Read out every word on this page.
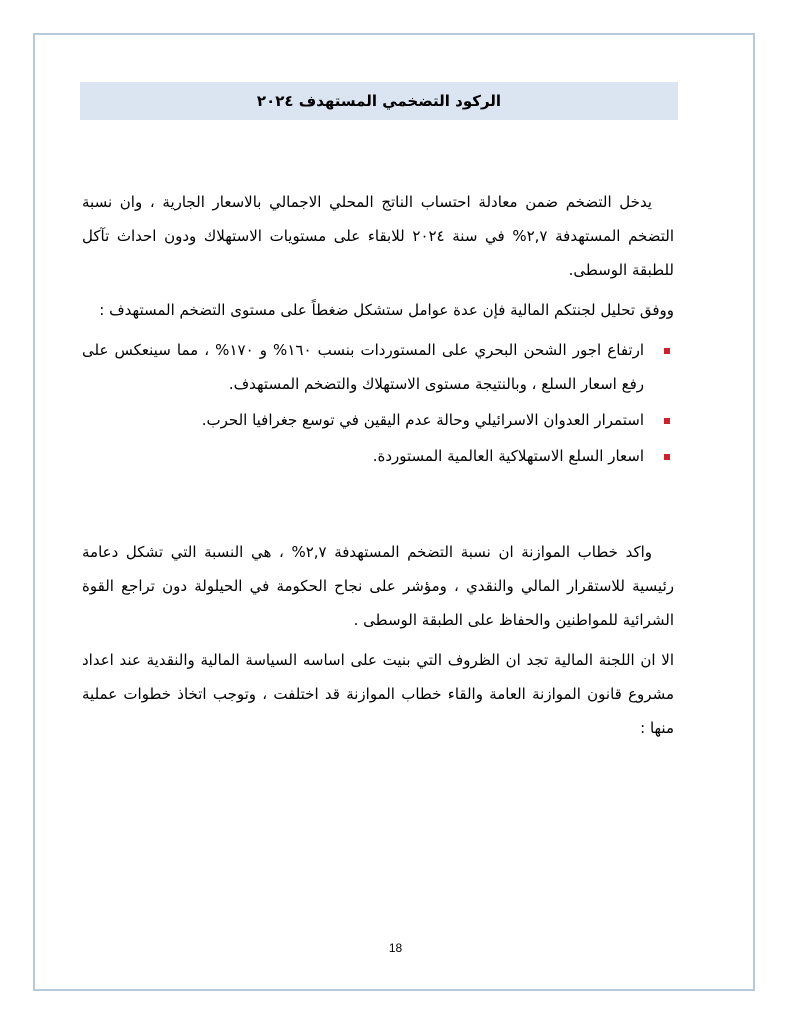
الركود التضخمي المستهدف ٢٠٢٤

يدخل التضخم ضمن معادلة احتساب الناتج المحلي الاجمالي بالاسعار الجارية ، وان نسبة التضخم المستهدفة ٢,٧% في سنة ٢٠٢٤ للابقاء على مستويات الاستهلاك ودون احداث تآكل للطبقة الوسطى.

ووفق تحليل لجنتكم المالية فإن عدة عوامل ستشكل ضغطاً على مستوى التضخم المستهدف :

ارتفاع اجور الشحن البحري على المستوردات بنسب ١٦٠% و ١٧٠% ، مما سينعكس على رفع اسعار السلع ، وبالنتيجة مستوى الاستهلاك والتضخم المستهدف.
استمرار العدوان الاسرائيلي وحالة عدم اليقين في توسع جغرافيا الحرب.
اسعار السلع الاستهلاكية العالمية المستوردة.

واكد خطاب الموازنة ان نسبة التضخم المستهدفة ٢,٧% ، هي النسبة التي تشكل دعامة رئيسية للاستقرار المالي والنقدي ، ومؤشر على نجاح الحكومة في الحيلولة دون تراجع القوة الشرائية للمواطنين والحفاظ على الطبقة الوسطى .

الا ان اللجنة المالية تجد ان الظروف التي بنيت على اساسه السياسة المالية والنقدية عند اعداد مشروع قانون الموازنة العامة والقاء خطاب الموازنة قد اختلفت ، وتوجب اتخاذ خطوات عملية منها :

18
